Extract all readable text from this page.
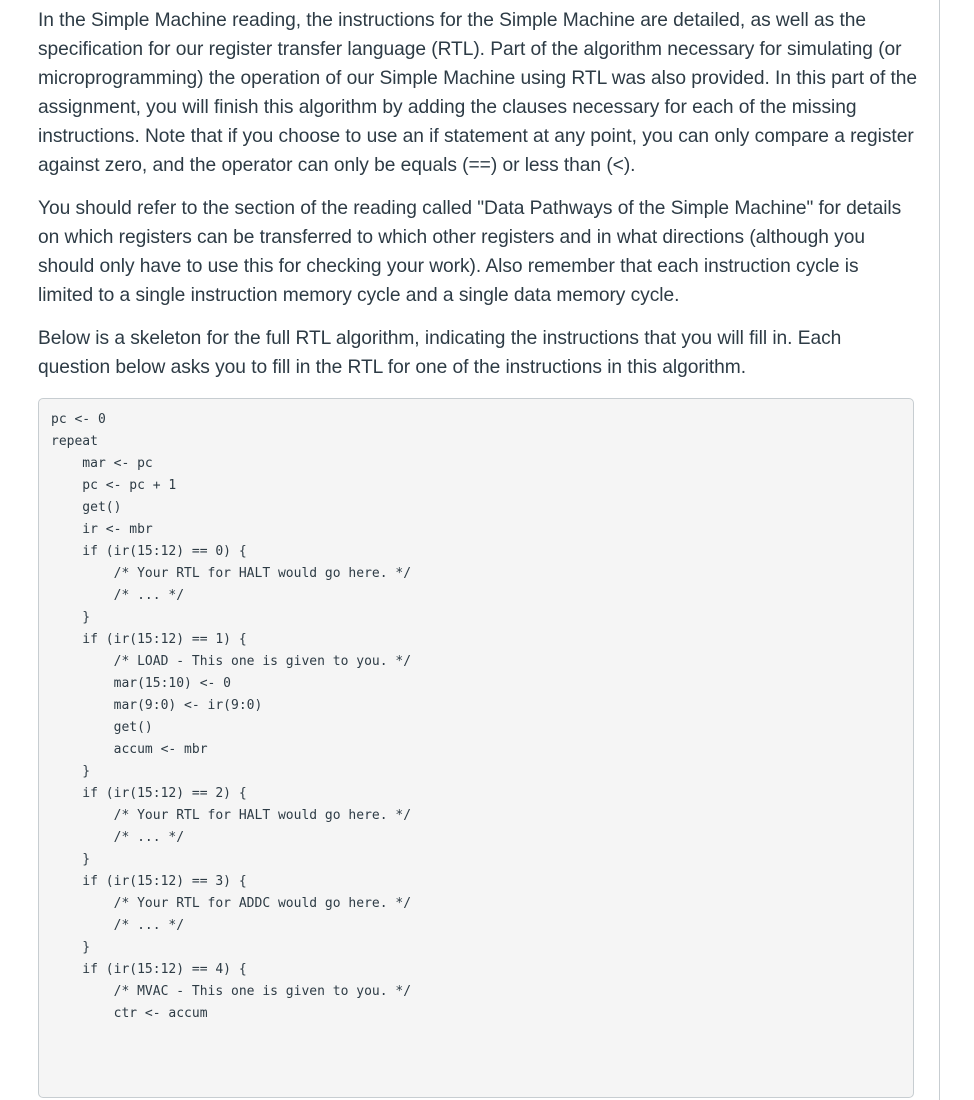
In the Simple Machine reading, the instructions for the Simple Machine are detailed, as well as the specification for our register transfer language (RTL). Part of the algorithm necessary for simulating (or microprogramming) the operation of our Simple Machine using RTL was also provided. In this part of the assignment, you will finish this algorithm by adding the clauses necessary for each of the missing instructions. Note that if you choose to use an if statement at any point, you can only compare a register against zero, and the operator can only be equals (==) or less than (<).

You should refer to the section of the reading called "Data Pathways of the Simple Machine" for details on which registers can be transferred to which other registers and in what directions (although you should only have to use this for checking your work). Also remember that each instruction cycle is limited to a single instruction memory cycle and a single data memory cycle.

Below is a skeleton for the full RTL algorithm, indicating the instructions that you will fill in. Each question below asks you to fill in the RTL for one of the instructions in this algorithm.

pc <- 0
repeat
mar <- pc
pc <- pc + 1
get()
ir <- mbr
if (ir(15:12) == 0) {
/* Your RTL for HALT would go here. */
/* ... */
}
if (ir(15:12) == 1) {
/* LOAD - This one is given to you. */
mar(15:10) <- 0
mar(9:0) <- ir(9:0)
get()
accum <- mbr
}
if (ir(15:12) == 2) {
/* Your RTL for HALT would go here. */
/* ... */
}
if (ir(15:12) == 3) {
/* Your RTL for ADDC would go here. */
/* ... */
}
if (ir(15:12) == 4) {
/* MVAC - This one is given to you. */
ctr <- accum
